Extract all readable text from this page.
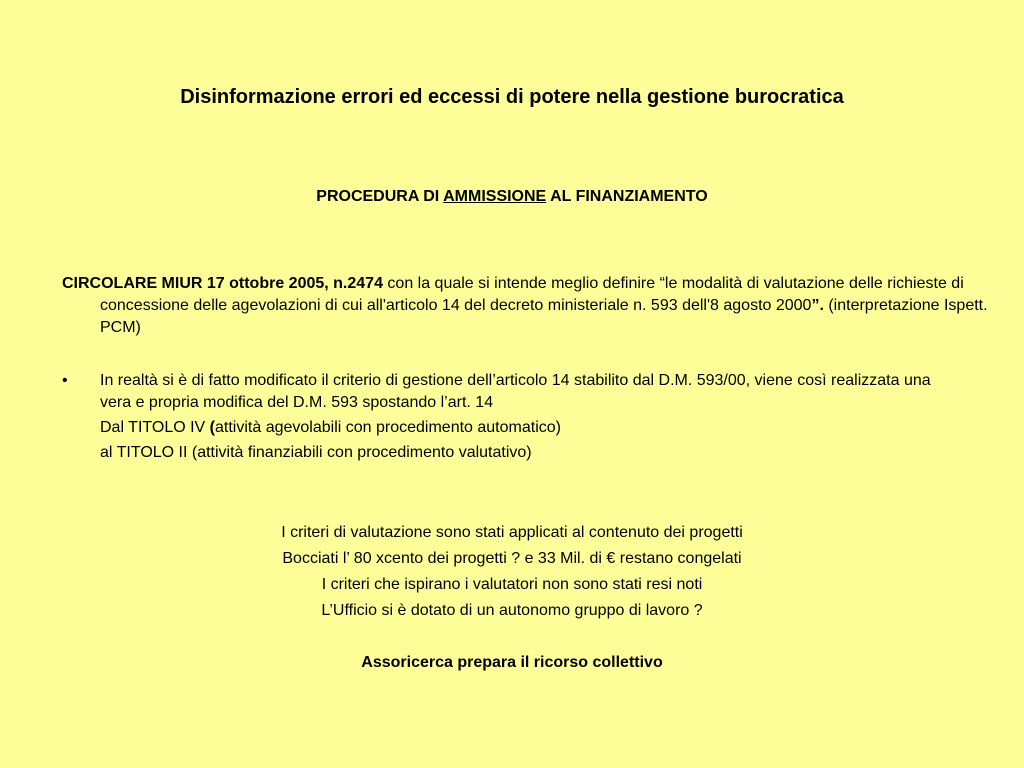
Disinformazione errori ed eccessi di potere nella gestione burocratica
PROCEDURA DI AMMISSIONE AL FINANZIAMENTO
CIRCOLARE MIUR 17 ottobre 2005, n.2474 con la quale si intende meglio definire “le modalità di valutazione delle richieste di concessione delle agevolazioni di cui all'articolo 14 del decreto ministeriale n. 593 dell'8 agosto 2000”. (interpretazione Ispett. PCM)
•	In realtà si è di fatto modificato il criterio di gestione dell’articolo 14 stabilito dal D.M. 593/00, viene così realizzata una vera e propria modifica del D.M. 593 spostando l’art. 14
Dal TITOLO IV (attività agevolabili con procedimento automatico)
al TITOLO II (attività finanziabili con procedimento valutativo)
I criteri di valutazione sono stati applicati al contenuto dei progetti
Bocciati l’ 80 xcento dei progetti ? e 33 Mil. di € restano congelati
I criteri che ispirano i valutatori non sono stati resi noti
L’Ufficio si è dotato di un autonomo gruppo di lavoro ?
Assoricerca prepara il ricorso collettivo
